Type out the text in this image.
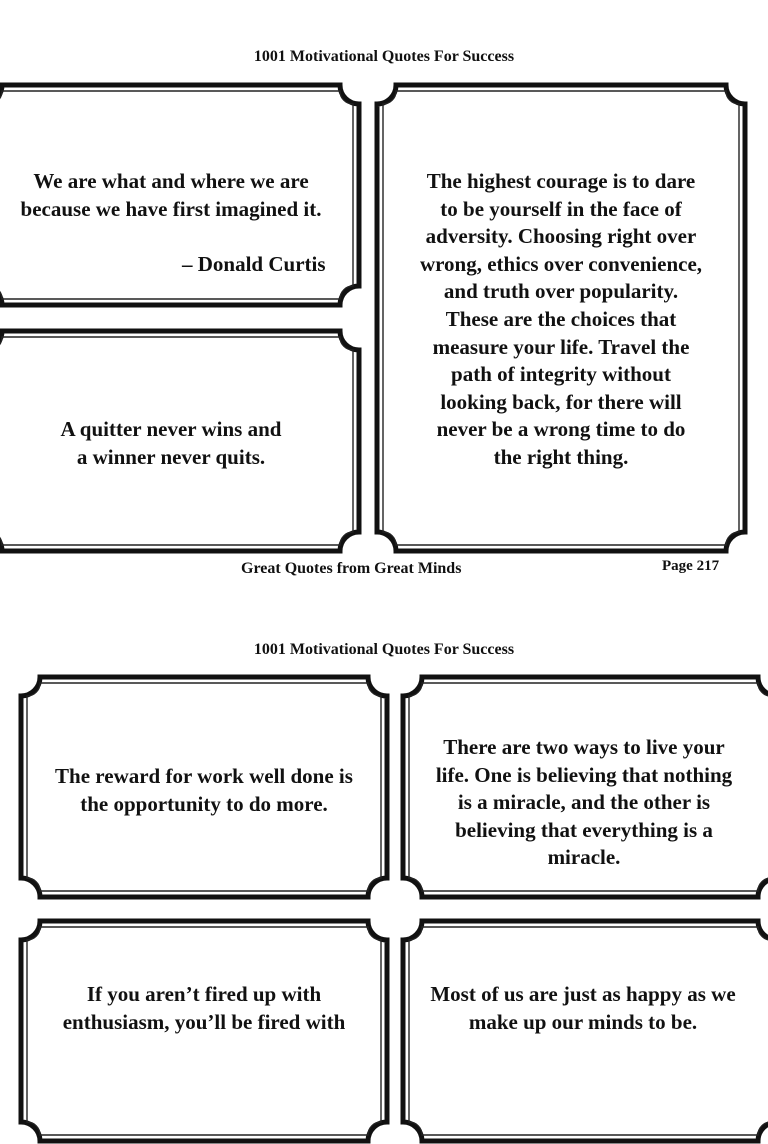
1001 Motivational Quotes For Success

We are what and where we are

because we have first imagined it.

– Donald Curtis

The highest courage is to dare

to be yourself in the face of

adversity. Choosing right over

wrong, ethics over convenience,

and truth over popularity.

These are the choices that

measure your life. Travel the

path of integrity without

looking back, for there will

never be a wrong time to do

the right thing.

A quitter never wins and

a winner never quits.

Great Quotes from Great Minds	Page 217
1001 Motivational Quotes For Success

The reward for work well done is

the opportunity to do more.

There are two ways to live your

life. One is believing that nothing

is a miracle, and the other is

believing that everything is a

miracle.

If you aren’t fired up with

enthusiasm, you’ll be fired with

Most of us are just as happy as we

make up our minds to be.
